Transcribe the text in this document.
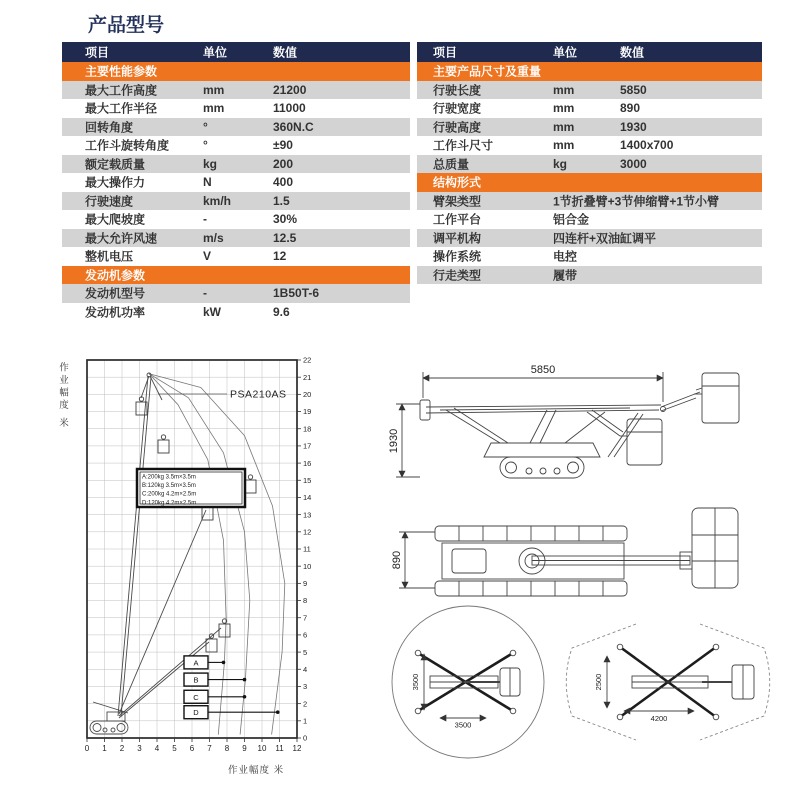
产品型号
项目	单位	数值
主要性能参数
最大工作高度	mm	21200
最大工作半径	mm	11000
回转角度	°	360N.C
工作斗旋转角度	°	±90
额定载质量	kg	200
最大操作力	N	400
行驶速度	km/h	1.5
最大爬坡度	-	30%
最大允许风速	m/s	12.5
整机电压	V	12
发动机参数
发动机型号	-	1B50T-6
发动机功率	kW	9.6
项目	单位	数值
主要产品尺寸及重量
行驶长度	mm	5850
行驶宽度	mm	890
行驶高度	mm	1930
工作斗尺寸	mm	1400x700
总质量	kg	3000
结构形式
臂架类型	1节折叠臂+3节伸缩臂+1节小臂
工作平台	铝合金
调平机构	四连杆+双油缸调平
操作系统	电控
行走类型	履带
作业幅度 米
作业幅度 米
0 1 2 3 4 5 6 7 8 9 10 11 12
0
1
2
3
4
5
6
7
8
9
10
11
12
13
14
15
16
17
18
19
20
21
22
PSA210AS
A:200kg 3.5m×3.5m
B:120kg 3.5m×3.5m
C:200kg 4.2m×2.5m
D:120kg 4.2m×2.5m
A
B
C
D
5850
1930
890
3500
3500
2500
4200
